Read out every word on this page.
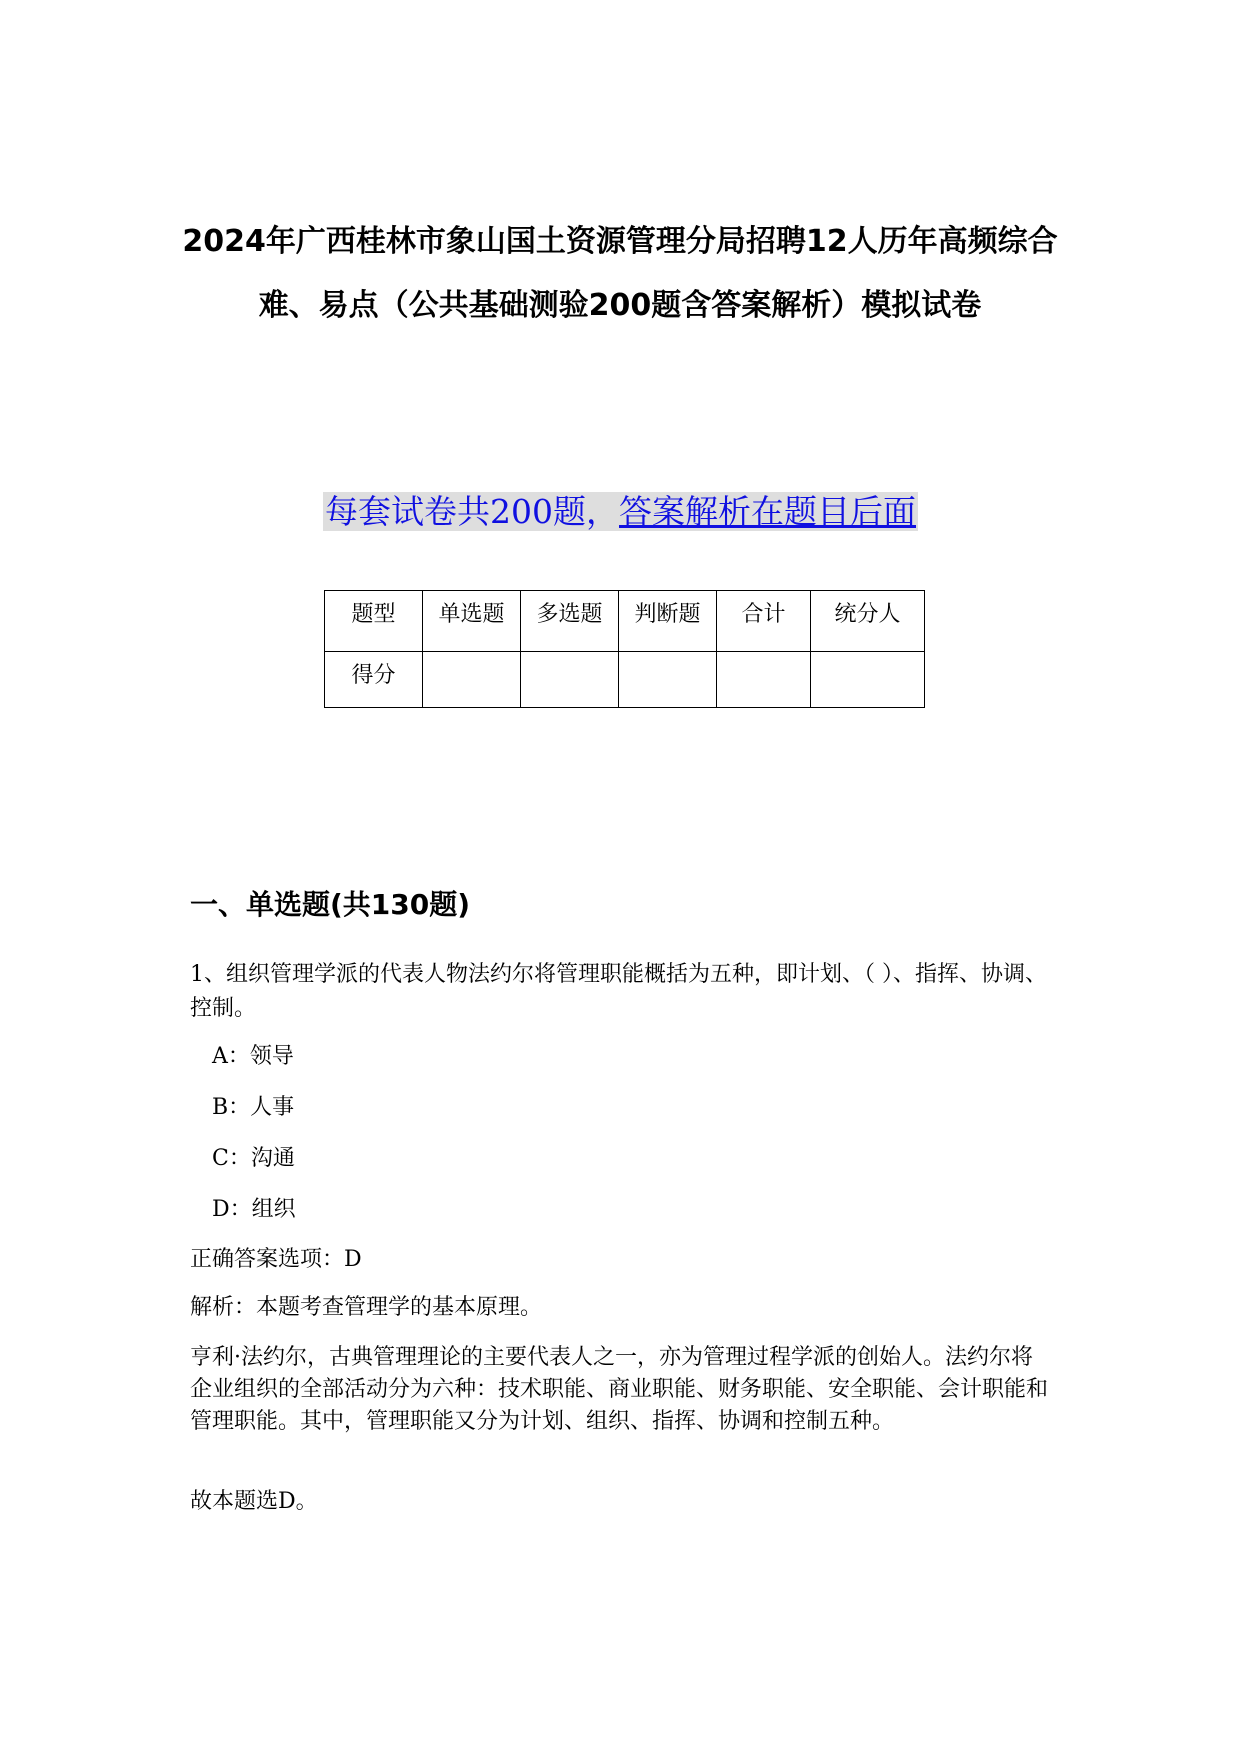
2024年广西桂林市象山国土资源管理分局招聘12人历年高频综合难、易点（公共基础测验200题含答案解析）模拟试卷
每套试卷共200题，答案解析在题目后面
题型	单选题	多选题	判断题	合计	统分人
得分					
一、单选题(共130题)

1、组织管理学派的代表人物法约尔将管理职能概括为五种，即计划、（ ）、指挥、协调、控制。

A：领导
B：人事
C：沟通
D：组织

正确答案选项：D

解析：本题考查管理学的基本原理。

亨利·法约尔，古典管理理论的主要代表人之一，亦为管理过程学派的创始人。法约尔将企业组织的全部活动分为六种：技术职能、商业职能、财务职能、安全职能、会计职能和管理职能。其中，管理职能又分为计划、组织、指挥、协调和控制五种。

故本题选D。
